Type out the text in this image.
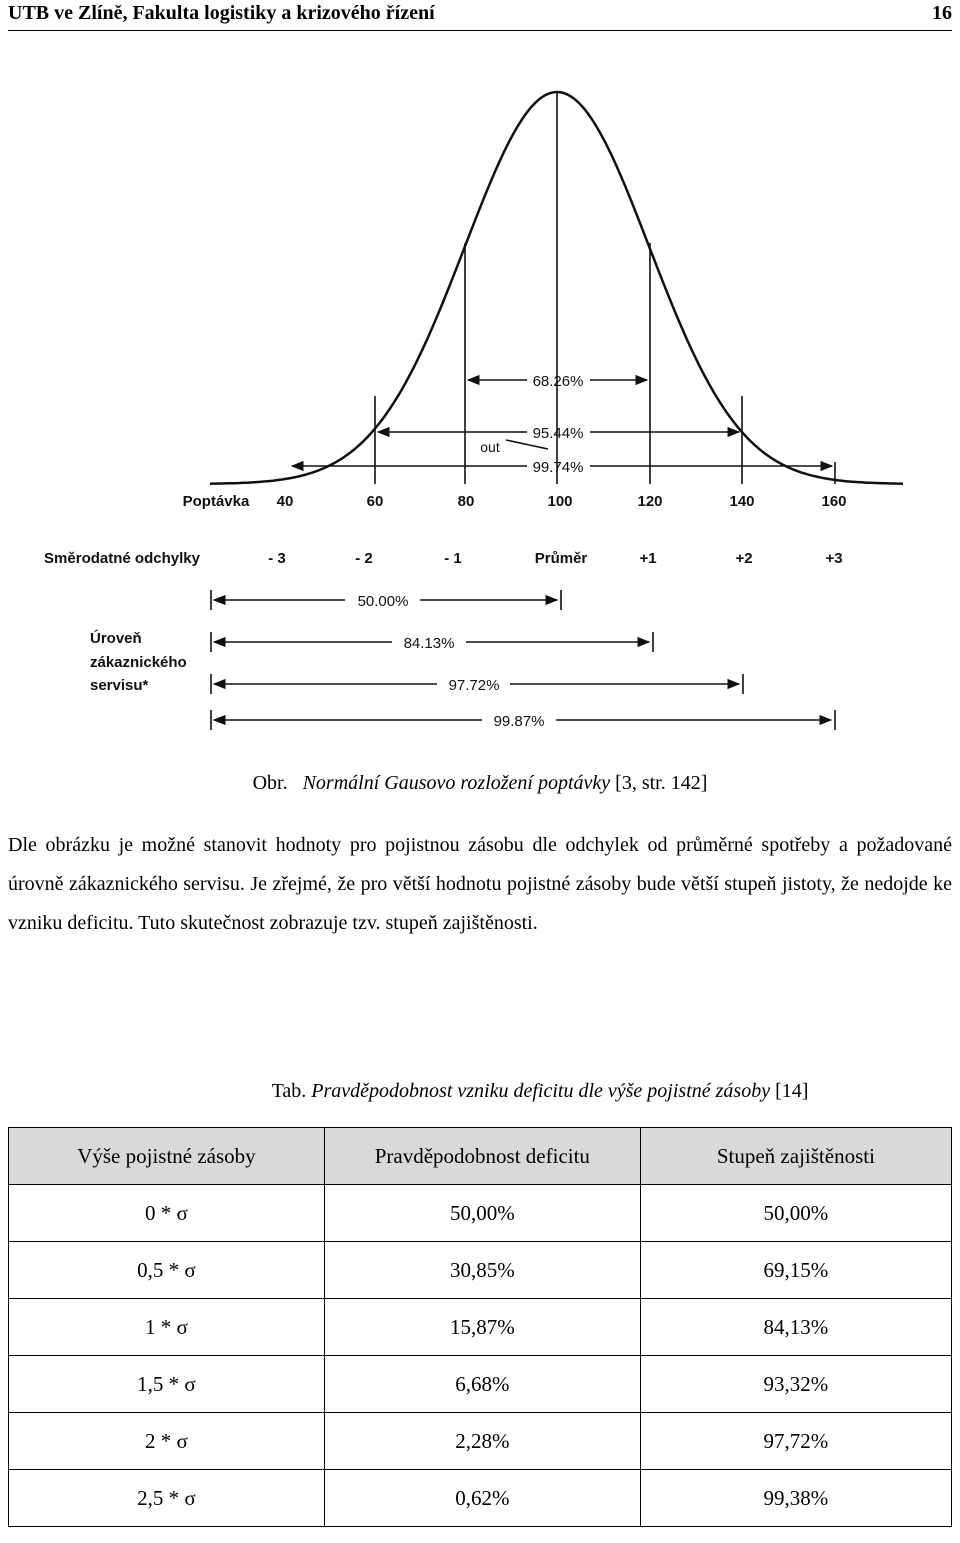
UTB ve Zlíně, Fakulta logistiky a krizového řízení	16
68.26%
95.44%
99.74%
out
Poptávka 40	60	80	100	120	140	160
Směrodatné odchylky	- 3	- 2	- 1	Průměr	+1	+2	+3
Úroveň
zákaznického
servisu*
50.00%
84.13%
97.72%
99.87%
Obr. Normální Gausovo rozložení poptávky [3, str. 142]
Dle obrázku je možné stanovit hodnoty pro pojistnou zásobu dle odchylek od průměrné spotřeby a požadované úrovně zákaznického servisu. Je zřejmé, že pro větší hodnotu pojistné zásoby bude větší stupeň jistoty, že nedojde ke vzniku deficitu. Tuto skutečnost zobrazuje tzv. stupeň zajištěnosti.
Tab. Pravděpodobnost vzniku deficitu dle výše pojistné zásoby [14]
Výše pojistné zásoby	Pravděpodobnost deficitu	Stupeň zajištěnosti
0 * σ	50,00%	50,00%
0,5 * σ	30,85%	69,15%
1 * σ	15,87%	84,13%
1,5 * σ	6,68%	93,32%
2 * σ	2,28%	97,72%
2,5 * σ	0,62%	99,38%
